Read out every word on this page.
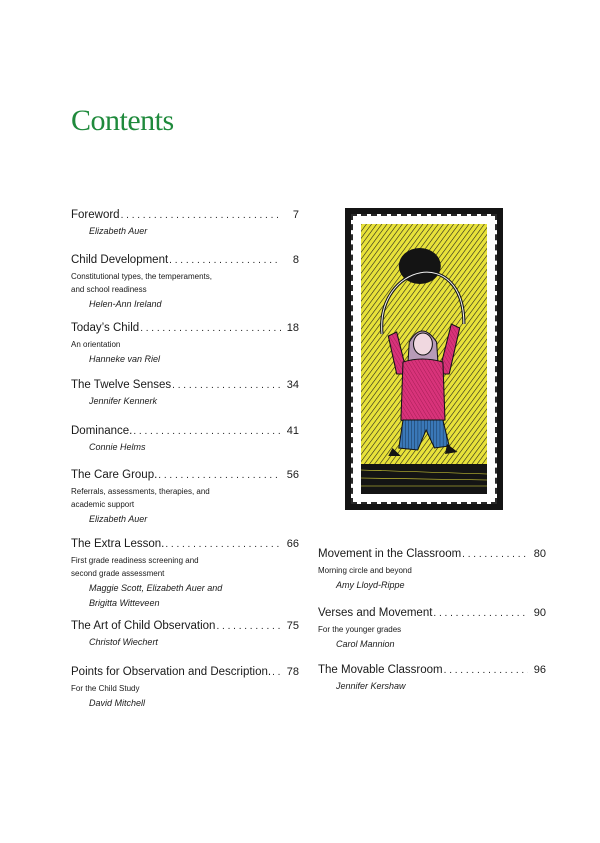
Contents
Foreword . . .	7
Elizabeth Auer
Child Development . . .	8
Constitutional types, the temperaments,
and school readiness
Helen-Ann Ireland
Today’s Child . . .	18
An orientation
Hanneke van Riel
The Twelve Senses . . .	34
Jennifer Kennerk
Dominance. . . .	41
Connie Helms
The Care Group. . . .	56
Referrals, assessments, therapies, and
academic support
Elizabeth Auer
The Extra Lesson. . . .	66
First grade readiness screening and
second grade assessment
Maggie Scott, Elizabeth Auer and
Brigitta Witteveen
The Art of Child Observation . . .	75
Christof Wiechert
Points for Observation and Description. . . . 78
For the Child Study
David Mitchell
Movement in the Classroom . . .	80
Morning circle and beyond
Amy Lloyd-Rippe
Verses and Movement . . .	90
For the younger grades
Carol Mannion
The Movable Classroom . . .	96
Jennifer Kershaw
